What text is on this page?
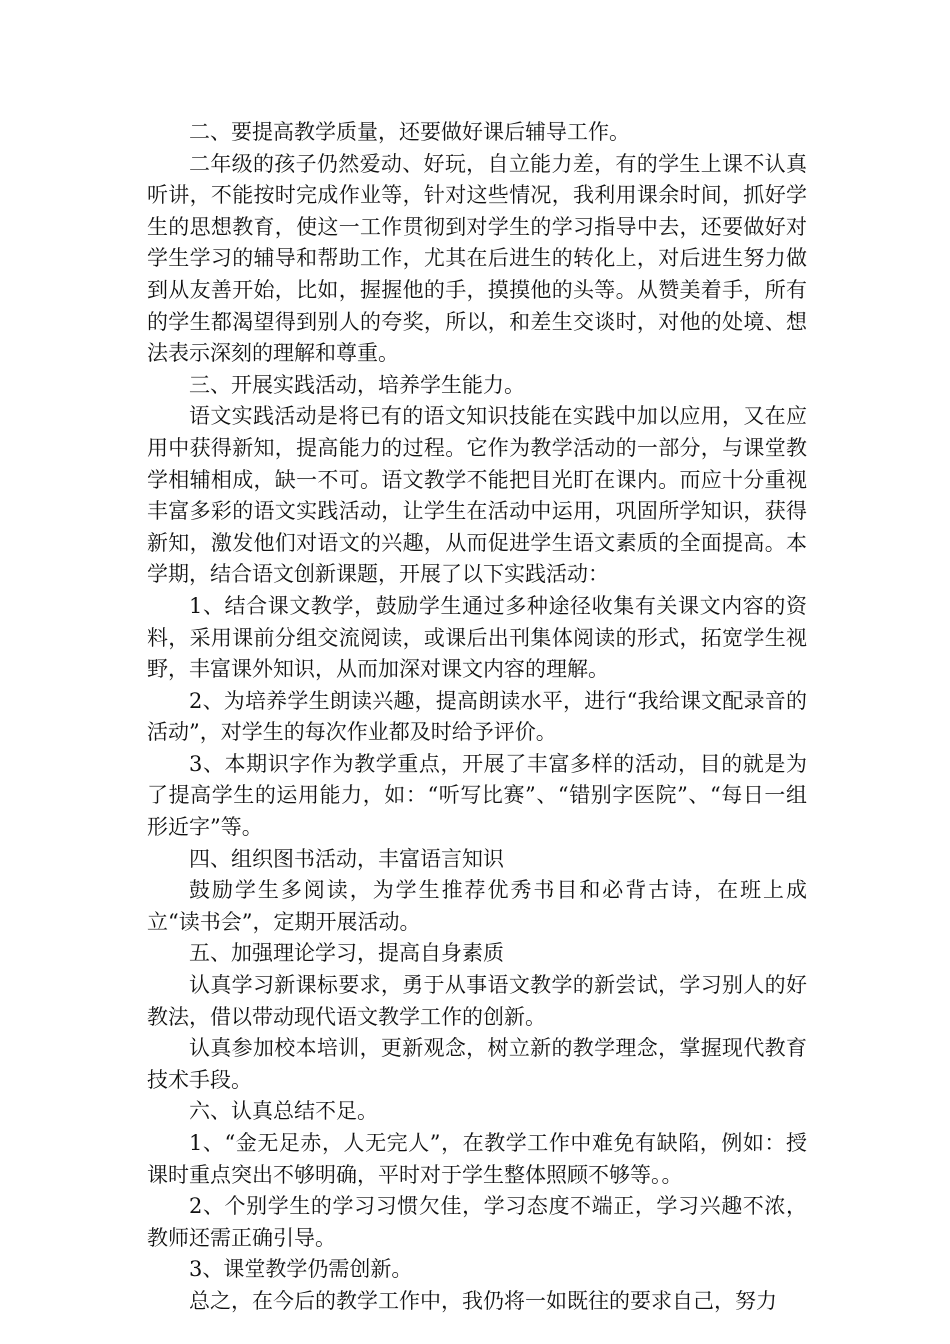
二、要提高教学质量，还要做好课后辅导工作。

二年级的孩子仍然爱动、好玩，自立能力差，有的学生上课不认真听讲，不能按时完成作业等，针对这些情况，我利用课余时间，抓好学生的思想教育，使这一工作贯彻到对学生的学习指导中去，还要做好对学生学习的辅导和帮助工作，尤其在后进生的转化上，对后进生努力做到从友善开始，比如，握握他的手，摸摸他的头等。从赞美着手，所有的学生都渴望得到别人的夸奖，所以，和差生交谈时，对他的处境、想法表示深刻的理解和尊重。

三、开展实践活动，培养学生能力。

语文实践活动是将已有的语文知识技能在实践中加以应用，又在应用中获得新知，提高能力的过程。它作为教学活动的一部分，与课堂教学相辅相成，缺一不可。语文教学不能把目光盯在课内。而应十分重视丰富多彩的语文实践活动，让学生在活动中运用，巩固所学知识，获得新知，激发他们对语文的兴趣，从而促进学生语文素质的全面提高。本学期，结合语文创新课题，开展了以下实践活动：

1、结合课文教学，鼓励学生通过多种途径收集有关课文内容的资料，采用课前分组交流阅读，或课后出刊集体阅读的形式，拓宽学生视野，丰富课外知识，从而加深对课文内容的理解。

2、为培养学生朗读兴趣，提高朗读水平，进行“我给课文配录音的活动”，对学生的每次作业都及时给予评价。

3、本期识字作为教学重点，开展了丰富多样的活动，目的就是为了提高学生的运用能力，如：“听写比赛”、“错别字医院”、“每日一组形近字”等。

四、组织图书活动，丰富语言知识

鼓励学生多阅读，为学生推荐优秀书目和必背古诗，在班上成立“读书会”，定期开展活动。

五、加强理论学习，提高自身素质

认真学习新课标要求，勇于从事语文教学的新尝试，学习别人的好教法，借以带动现代语文教学工作的创新。

认真参加校本培训，更新观念，树立新的教学理念，掌握现代教育技术手段。

六、认真总结不足。

1、“金无足赤，人无完人”，在教学工作中难免有缺陷，例如：授课时重点突出不够明确，平时对于学生整体照顾不够等。。

2、个别学生的学习习惯欠佳，学习态度不端正，学习兴趣不浓，教师还需正确引导。

3、课堂教学仍需创新。

总之，在今后的教学工作中，我仍将一如既往的要求自己，努力
